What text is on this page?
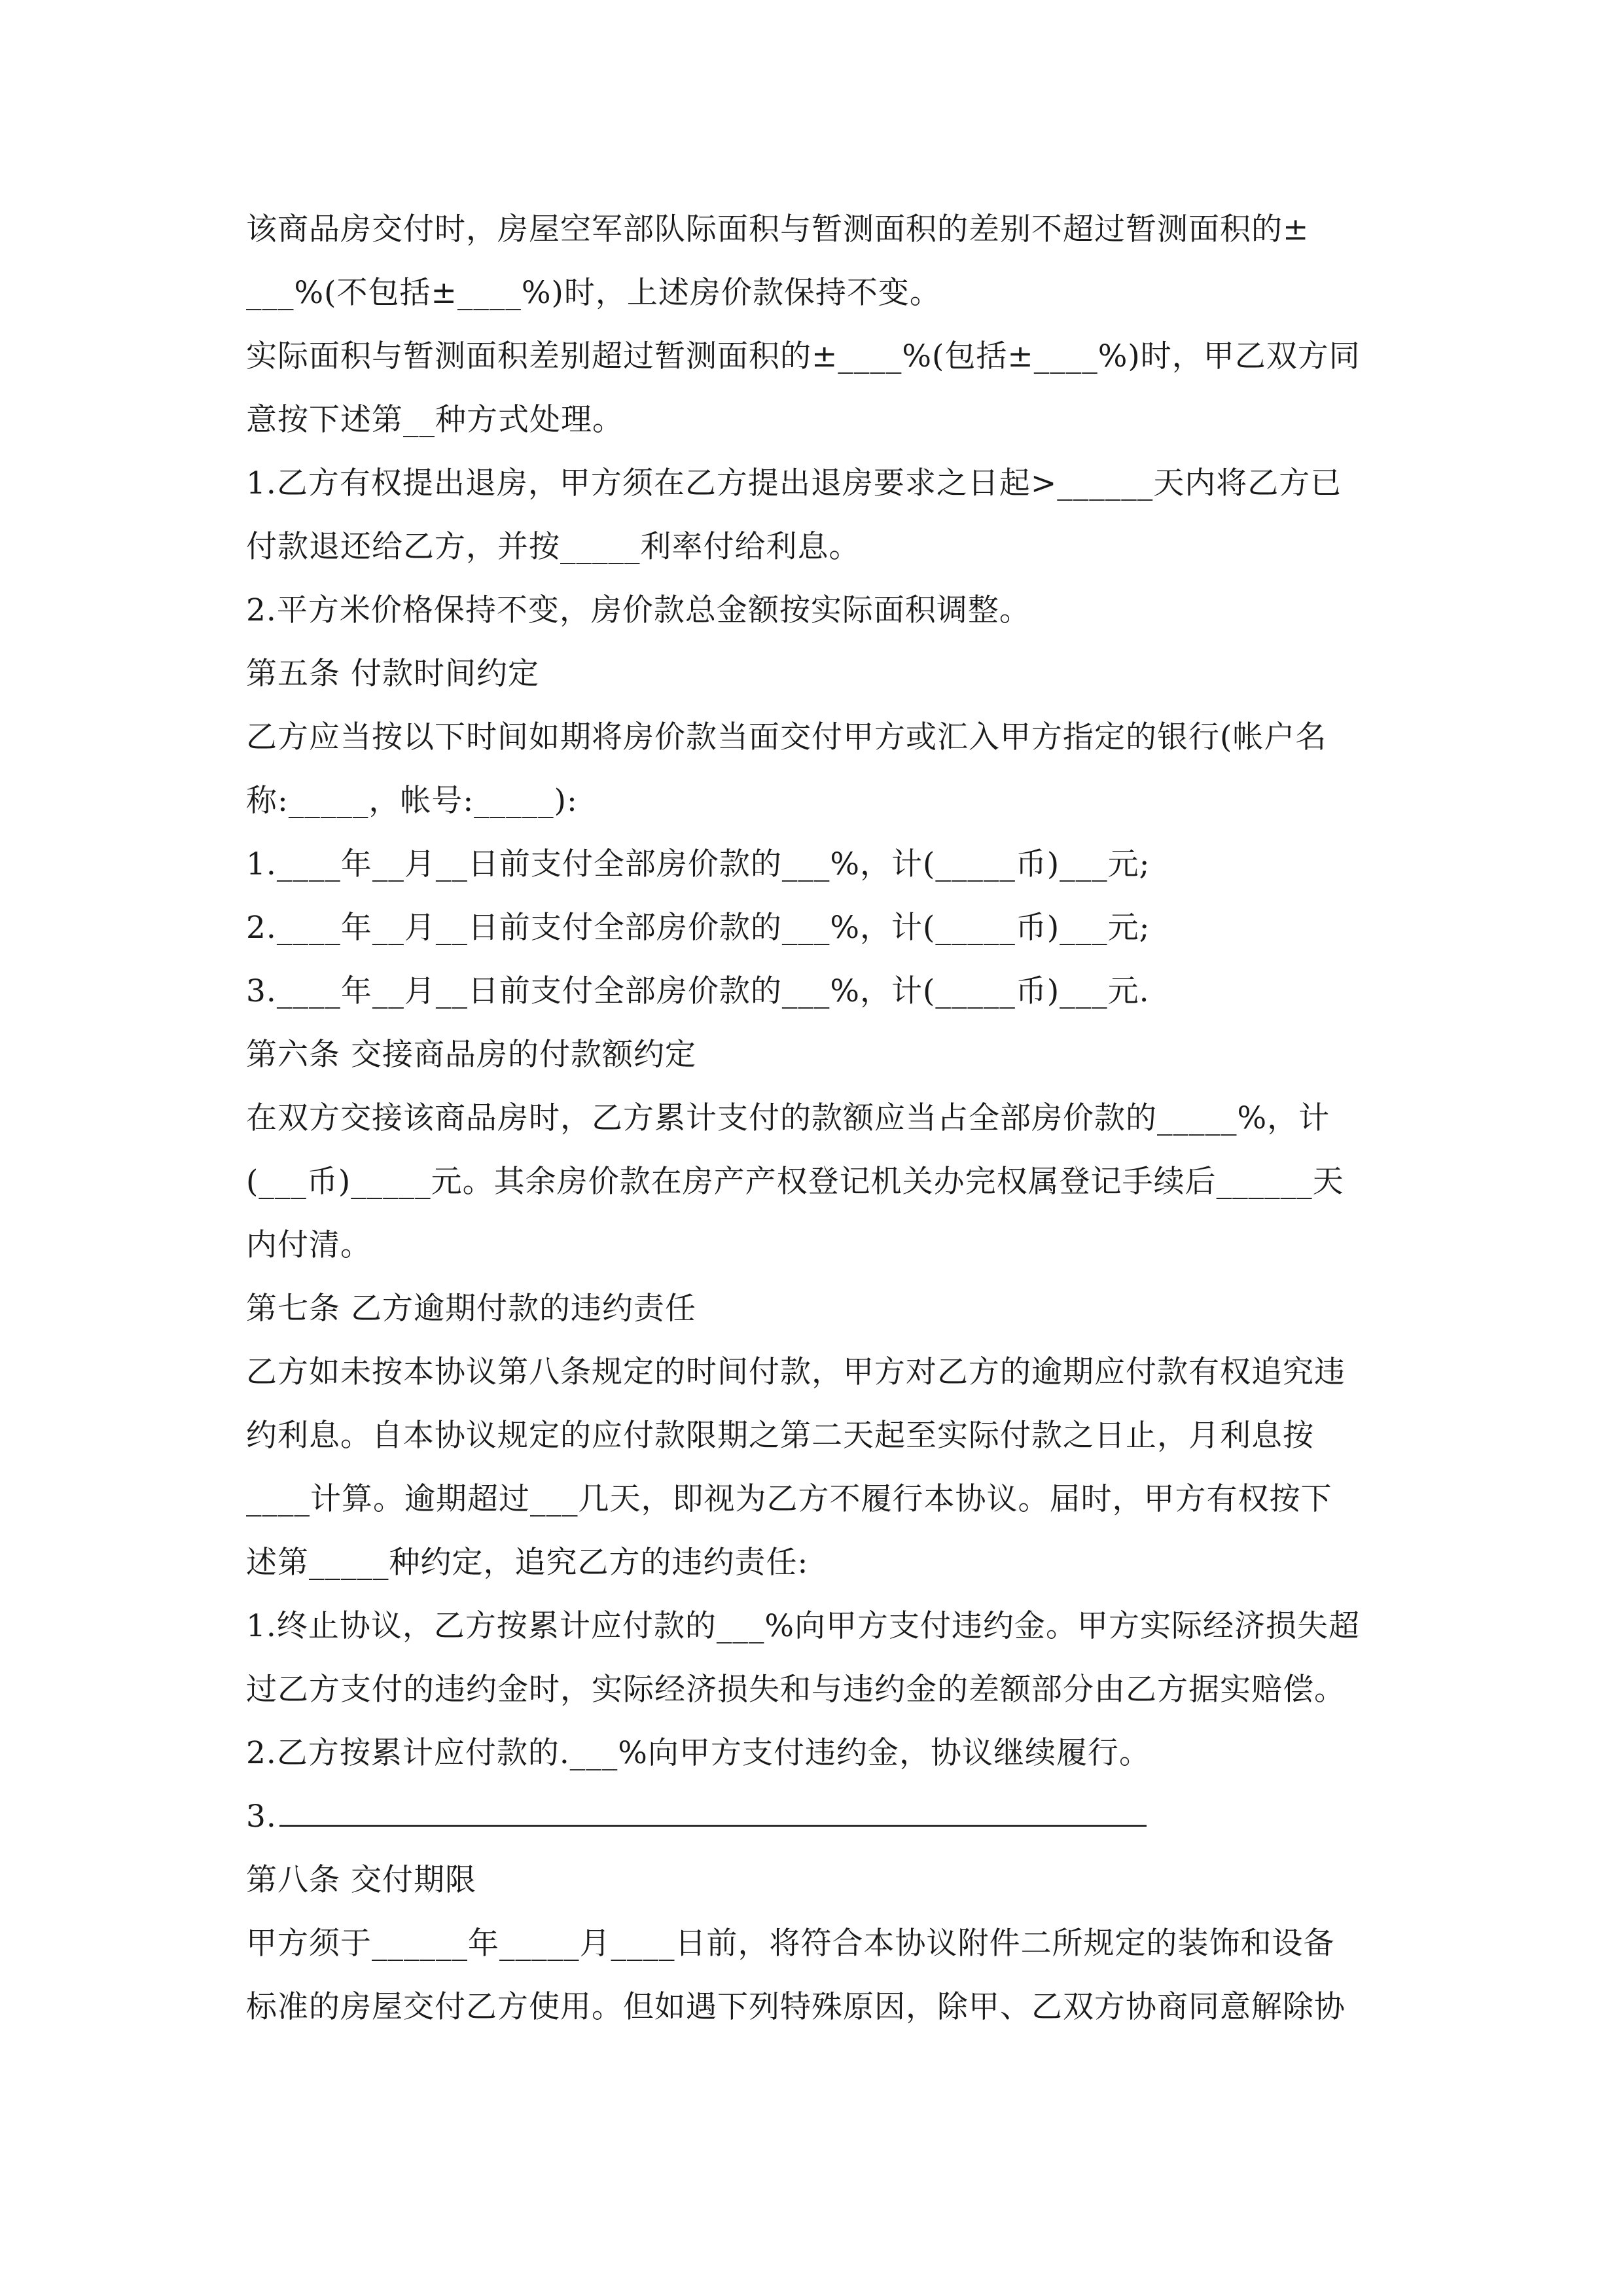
该商品房交付时，房屋空军部队际面积与暂测面积的差别不超过暂测面积的±
___%(不包括±____%)时，上述房价款保持不变。
实际面积与暂测面积差别超过暂测面积的±____%(包括±____%)时，甲乙双方同
意按下述第__种方式处理。
1.乙方有权提出退房，甲方须在乙方提出退房要求之日起>______天内将乙方已
付款退还给乙方，并按_____利率付给利息。
2.平方米价格保持不变，房价款总金额按实际面积调整。
第五条 付款时间约定
乙方应当按以下时间如期将房价款当面交付甲方或汇入甲方指定的银行(帐户名
称:_____，帐号:_____):
1.____年__月__日前支付全部房价款的___%，计(_____币)___元;
2.____年__月__日前支付全部房价款的___%，计(_____币)___元;
3.____年__月__日前支付全部房价款的___%，计(_____币)___元.
第六条 交接商品房的付款额约定
在双方交接该商品房时，乙方累计支付的款额应当占全部房价款的_____%，计
(___币)_____元。其余房价款在房产产权登记机关办完权属登记手续后______天
内付清。
第七条 乙方逾期付款的违约责任
乙方如未按本协议第八条规定的时间付款，甲方对乙方的逾期应付款有权追究违
约利息。自本协议规定的应付款限期之第二天起至实际付款之日止，月利息按
____计算。逾期超过___几天，即视为乙方不履行本协议。届时，甲方有权按下
述第_____种约定，追究乙方的违约责任:
1.终止协议，乙方按累计应付款的___%向甲方支付违约金。甲方实际经济损失超
过乙方支付的违约金时，实际经济损失和与违约金的差额部分由乙方据实赔偿。
2.乙方按累计应付款的.___%向甲方支付违约金，协议继续履行。
3.
第八条 交付期限
甲方须于______年_____月____日前，将符合本协议附件二所规定的装饰和设备
标准的房屋交付乙方使用。但如遇下列特殊原因，除甲、乙双方协商同意解除协
